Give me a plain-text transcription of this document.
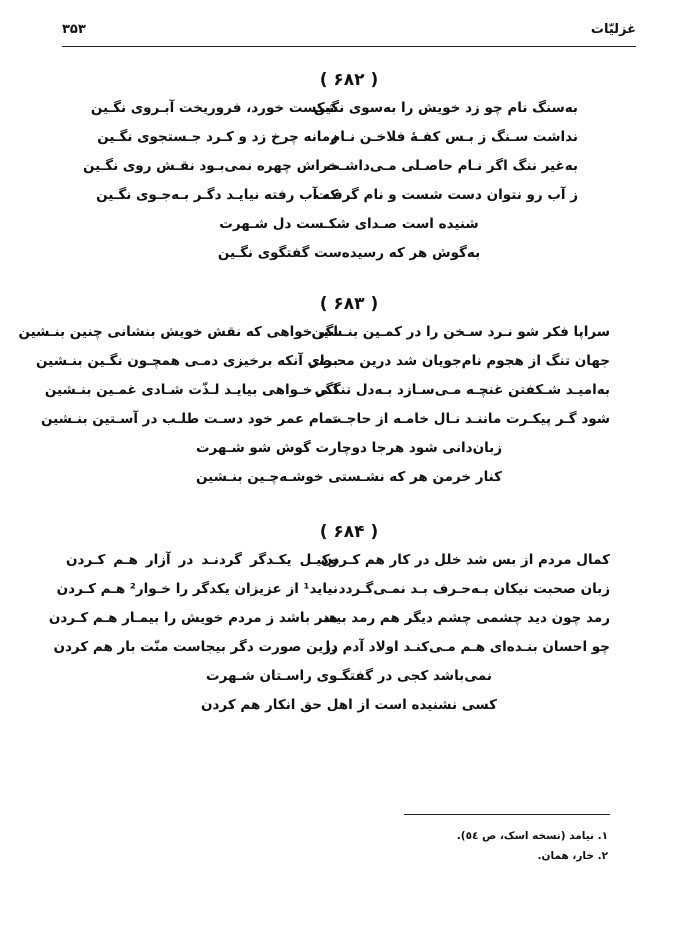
غزلیّات
۳۵۳
( ۶۸۲ )
به‌سنگ نام چو زد خویش را به‌سوی نگین
شکست خورد، فروریخت آبـروی نگـین
نداشت سـنگ ز بـس کفـهٔ فلاخـن نـام
زمانه چرخ زد و کـرد جـستجوی نگـین
به‌غیر ننگ اگر نـام حاصـلی مـی‌داشـت
خراش چهره نمی‌بـود نقـش روی نگـین
ز آب رو نتوان دست شست و نام گرفـت
که آب رفته نیایـد دگـر بـه‌جـوی نگـین
شنیده است صـدای شکـست دل شـهرت
به‌گوش هر که رسیده‌ست گفتگوی نگـین
( ۶۸۳ )
سراپا فکر شو نـرد سـخن را در کمـین بنـشین
اگر خواهی که نقش خویش بنشانی چنین بنـشین
جهان تنگ از هجوم نام‌جویان شد درین محـضر
برای آنکه برخیزی دمـی همچـون نگـین بنـشین
به‌امیـد شـکفتن غنچـه مـی‌سـازد بـه‌دل تنگـی
اگر خـواهی بیایـد لـذّت شـادی غمـین بنـشین
شود گـر پیکـرت ماننـد نـال خامـه از حاجـت
تمام عمر خود دسـت طلـب در آسـتین بنـشین
زبان‌دانی شود هرجا دوچارت گوش شو شـهرت
کنار خرمن هر که نشـستی خوشـه‌چـین بنـشین
( ۶۸۴ )
کمال مردم از بس شد خلل در کار هم کـردن
وکیـل یکـدگر گردنـد در آزار هـم کـردن
زبان صحبت نیکان بـه‌حـرف بـد نمـی‌گـردد
نیاید¹ از عزیزان یکدگر را خـوار² هـم کـردن
رمد چون دید چشمی چشم دیگر هم رمد بیند
هنر باشد ز مردم خویش را بیمـار هـم کـردن
چو احسان بنـده‌ای هـم مـی‌کنـد اولاد آدم را
درین صورت دگر بیجاست منّت بار هم کردن
نمی‌باشد کجی در گفتگـوی راسـتان شـهرت
کسی نشنیده است از اهل حق انکار هم کردن
۱. نیامد (نسخه اسک، ص ٥٤).
۲. خار، همان.
